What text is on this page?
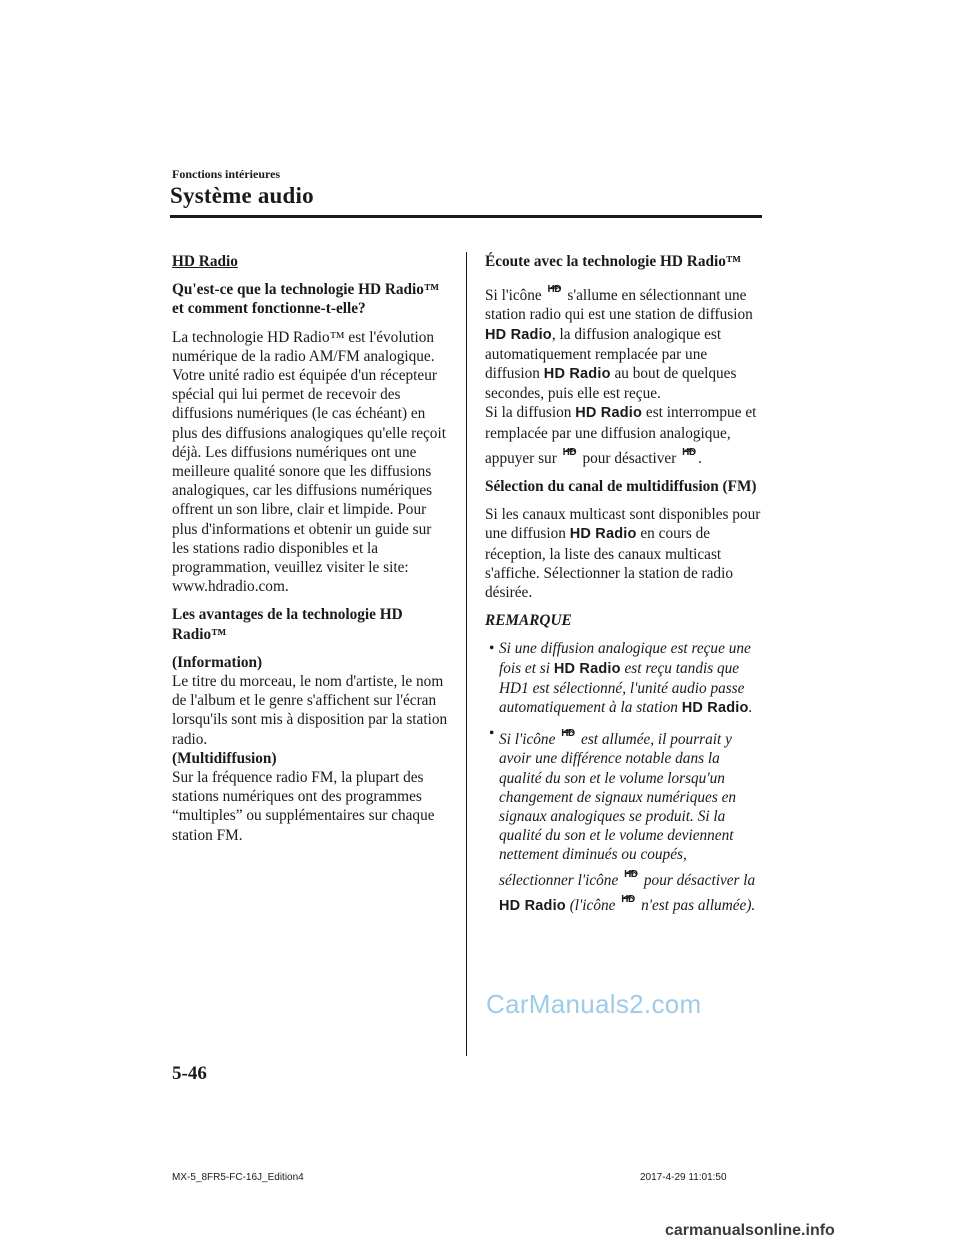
Fonctions intérieures
Système audio

HD Radio

Qu'est-ce que la technologie HD Radio™ et comment fonctionne-t-elle?

La technologie HD Radio™ est l'évolution numérique de la radio AM/FM analogique. Votre unité radio est équipée d'un récepteur spécial qui lui permet de recevoir des diffusions numériques (le cas échéant) en plus des diffusions analogiques qu'elle reçoit déjà. Les diffusions numériques ont une meilleure qualité sonore que les diffusions analogiques, car les diffusions numériques offrent un son libre, clair et limpide. Pour plus d'informations et obtenir un guide sur les stations radio disponibles et la programmation, veuillez visiter le site: www.hdradio.com.

Les avantages de la technologie HD Radio™

(Information)

Le titre du morceau, le nom d'artiste, le nom de l'album et le genre s'affichent sur l'écran lorsqu'ils sont mis à disposition par la station radio.

(Multidiffusion)

Sur la fréquence radio FM, la plupart des stations numériques ont des programmes “multiples” ou supplémentaires sur chaque station FM.

Écoute avec la technologie HD Radio™

Si l'icône HD s'allume en sélectionnant une station radio qui est une station de diffusion HD Radio, la diffusion analogique est automatiquement remplacée par une diffusion HD Radio au bout de quelques secondes, puis elle est reçue.

Si la diffusion HD Radio est interrompue et remplacée par une diffusion analogique, appuyer sur HD pour désactiver HD .

Sélection du canal de multidiffusion (FM)

Si les canaux multicast sont disponibles pour une diffusion HD Radio en cours de réception, la liste des canaux multicast s'affiche. Sélectionner la station de radio désirée.

REMARQUE

• Si une diffusion analogique est reçue une fois et si HD Radio est reçu tandis que HD1 est sélectionné, l'unité audio passe automatiquement à la station HD Radio.
• Si l'icône HD est allumée, il pourrait y avoir une différence notable dans la qualité du son et le volume lorsqu'un changement de signaux numériques en signaux analogiques se produit. Si la qualité du son et le volume deviennent nettement diminués ou coupés, sélectionner l'icône HD pour désactiver la HD Radio (l'icône HD n'est pas allumée).
CarManuals2.com
5-46
MX-5_8FR5-FC-16J_Edition4	2017-4-29 11:01:50
carmanualsonline.info
